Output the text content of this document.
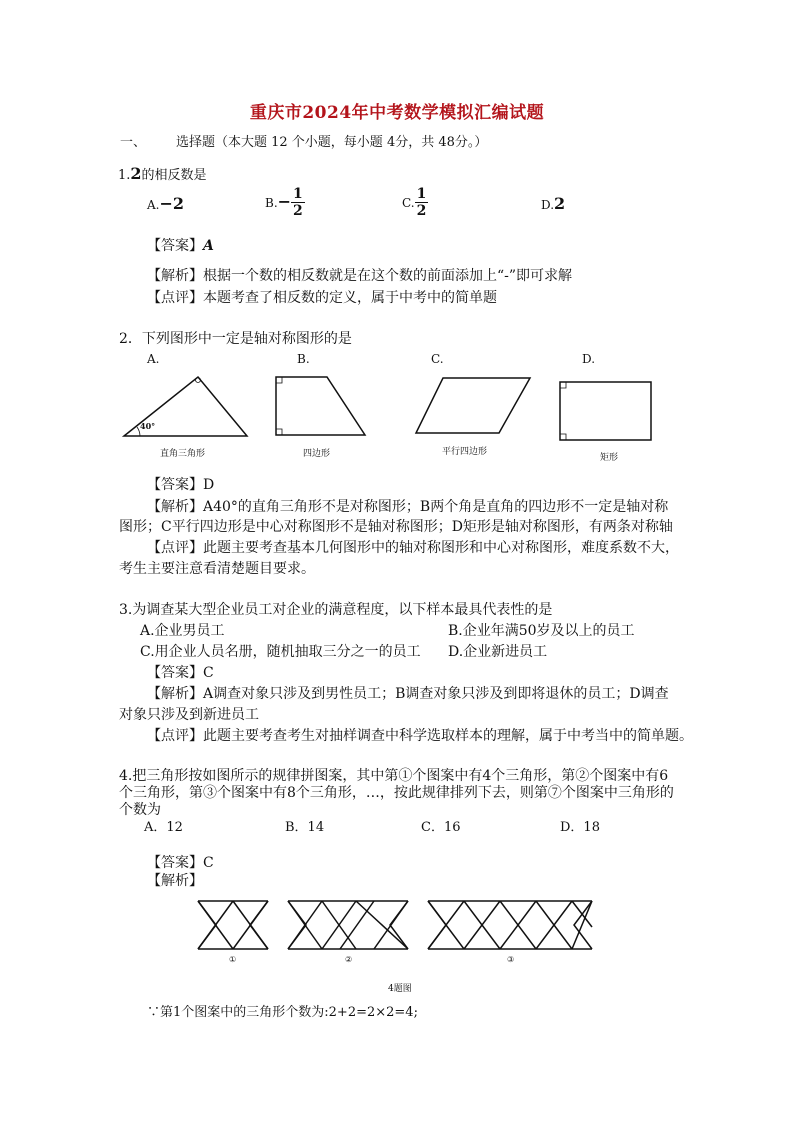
重庆市2024年中考数学模拟汇编试题
一、 选择题（本大题 12 个小题，每小题 4分，共 48分。）
1.2的相反数是
A.−2	$B.- \frac{1}{2}$	C. $\frac{1}{2}$	D.2
【答案】A
【解析】根据一个数的相反数就是在这个数的前面添加上“-”即可求解
【点评】本题考查了相反数的定义，属于中考中的简单题
2．下列图形中一定是轴对称图形的是
A.	B.	C.	D.
40°
直角三角形	四边形	平行四边形
矩形
【答案】D
【解析】A40°的直角三角形不是对称图形；B两个角是直角的四边形不一定是轴对称
图形；C平行四边形是中心对称图形不是轴对称图形；D矩形是轴对称图形，有两条对称轴
【点评】此题主要考查基本几何图形中的轴对称图形和中心对称图形，难度系数不大，
考生主要注意看清楚题目要求。
3.为调查某大型企业员工对企业的满意程度，以下样本最具代表性的是
A.企业男员工	B.企业年满50岁及以上的员工
C.用企业人员名册，随机抽取三分之一的员工 D.企业新进员工
【答案】C
【解析】A调查对象只涉及到男性员工；B调查对象只涉及到即将退休的员工；D调查
对象只涉及到新进员工
【点评】此题主要考查考生对抽样调查中科学选取样本的理解，属于中考当中的简单题。
4.把三角形按如图所示的规律拼图案，其中第①个图案中有4个三角形，第②个图案中有6
个三角形，第③个图案中有8个三角形，…，按此规律排列下去，则第⑦个图案中三角形的
个数为
A．12	B．14	C．16	D．18
【答案】C
【解析】
①	②	③
4题图
∵第1个图案中的三角形个数为:2+2=2×2=4;
